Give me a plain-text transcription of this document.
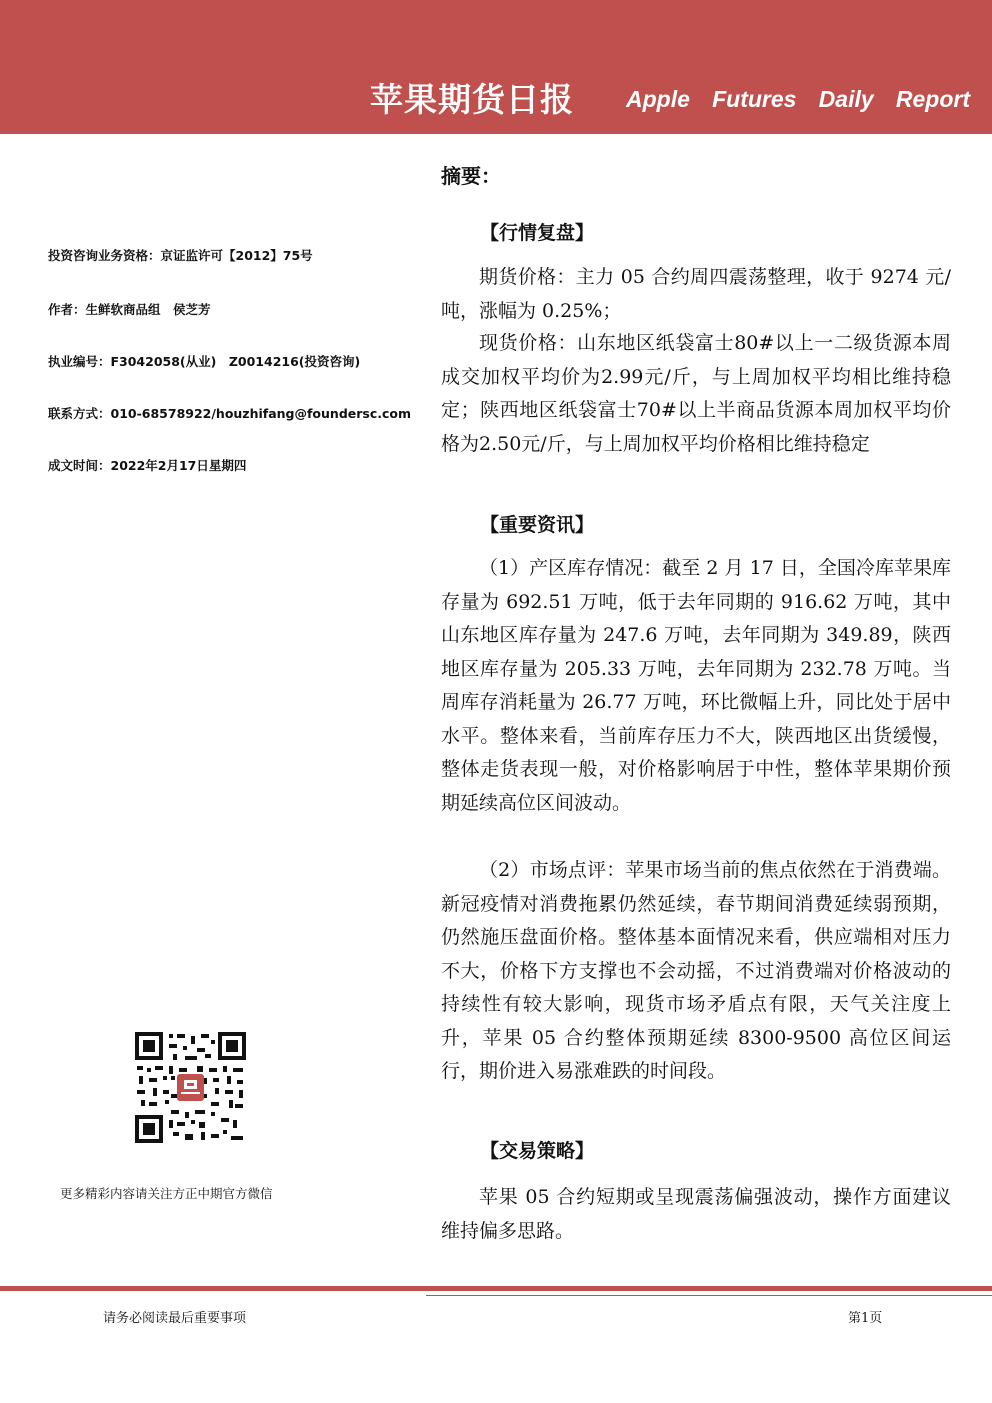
苹果期货日报 Apple Futures Daily Report
投资咨询业务资格：京证监许可【2012】75号
作者：生鲜软商品组　侯芝芳
执业编号：F3042058(从业)　Z0014216(投资咨询)
联系方式：010-68578922/houzhifang@foundersc.com
成文时间：2022年2月17日星期四
更多精彩内容请关注方正中期官方微信
摘要：
【行情复盘】

期货价格：主力 05 合约周四震荡整理，收于 9274 元/吨，涨幅为 0.25%；

现货价格：山东地区纸袋富士80#以上一二级货源本周成交加权平均价为2.99元/斤，与上周加权平均相比维持稳定；陕西地区纸袋富士70#以上半商品货源本周加权平均价格为2.50元/斤，与上周加权平均价格相比维持稳定

【重要资讯】

（1）产区库存情况：截至 2 月 17 日，全国冷库苹果库存量为 692.51 万吨，低于去年同期的 916.62 万吨，其中山东地区库存量为 247.6 万吨，去年同期为 349.89，陕西地区库存量为 205.33 万吨，去年同期为 232.78 万吨。当周库存消耗量为 26.77 万吨，环比微幅上升，同比处于居中水平。整体来看，当前库存压力不大，陕西地区出货缓慢，整体走货表现一般，对价格影响居于中性，整体苹果期价预期延续高位区间波动。

（2）市场点评：苹果市场当前的焦点依然在于消费端。新冠疫情对消费拖累仍然延续，春节期间消费延续弱预期，仍然施压盘面价格。整体基本面情况来看，供应端相对压力不大，价格下方支撑也不会动摇，不过消费端对价格波动的持续性有较大影响，现货市场矛盾点有限，天气关注度上升，苹果 05 合约整体预期延续 8300-9500 高位区间运行，期价进入易涨难跌的时间段。

【交易策略】

苹果 05 合约短期或呈现震荡偏强波动，操作方面建议维持偏多思路。

请务必阅读最后重要事项	第1页
